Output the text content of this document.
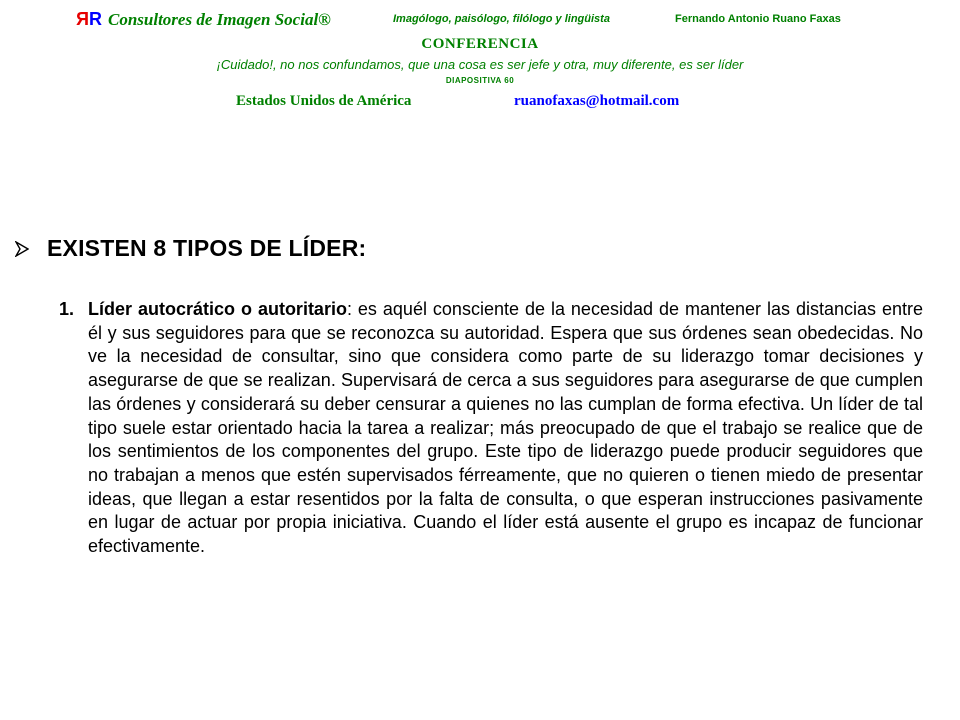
RR Consultores de Imagen Social®	Imagólogo, paisólogo, filólogo y lingüista	Fernando Antonio Ruano Faxas
CONFERENCIA
¡Cuidado!, no nos confundamos, que una cosa es ser jefe y otra, muy diferente, es ser líder
DIAPOSITIVA 60
Estados Unidos de América	ruanofaxas@hotmail.com
EXISTEN 8 TIPOS DE LÍDER:
1. Líder autocrático o autoritario: es aquél consciente de la necesidad de mantener las distancias entre él y sus seguidores para que se reconozca su autoridad. Espera que sus órdenes sean obedecidas. No ve la necesidad de consultar, sino que considera como parte de su liderazgo tomar decisiones y asegurarse de que se realizan. Supervisará de cerca a sus seguidores para asegurarse de que cumplen las órdenes y considerará su deber censurar a quienes no las cumplan de forma efectiva. Un líder de tal tipo suele estar orientado hacia la tarea a realizar; más preocupado de que el trabajo se realice que de los sentimientos de los componentes del grupo. Este tipo de liderazgo puede producir seguidores que no trabajan a menos que estén supervisados férreamente, que no quieren o tienen miedo de presentar ideas, que llegan a estar resentidos por la falta de consulta, o que esperan instrucciones pasivamente en lugar de actuar por propia iniciativa. Cuando el líder está ausente el grupo es incapaz de funcionar efectivamente.
